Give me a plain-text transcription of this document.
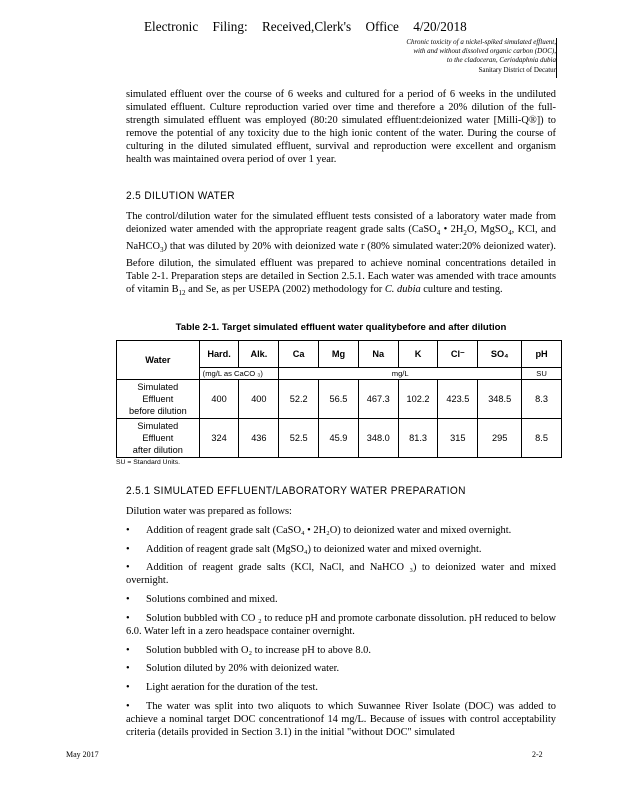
Electronic Filing: Received,Clerk's Office 4/20/2018
Chronic toxicity of a nickel-spiked simulated effluent,
with and without dissolved organic carbon (DOC),
to the cladoceran, Ceriodaphnia dubia
Sanitary District of Decatur
simulated effluent over the course of 6 weeks and cultured for a period of 6 weeks in the undiluted simulated effluent. Culture reproduction varied over time and therefore a 20% dilution of the full-strength simulated effluent was employed (80:20 simulated effluent:deionized water [Milli-Q®]) to remove the potential of any toxicity due to the high ionic content of the water. During the course of culturing in the diluted simulated effluent, survival and reproduction were excellent and organism health was maintained overa period of over 1 year.
2.5 DILUTION WATER
The control/dilution water for the simulated effluent tests consisted of a laboratory water made from deionized water amended with the appropriate reagent grade salts (CaSO$_4$ • $2H_2O$, MgSO$_4$, KCl, and NaHCO$_3$) that was diluted by 20% with deionized wate r (80% simulated water:20% deionized water). Before dilution, the simulated effluent was prepared to achieve nominal concentrations detailed in Table 2-1. Preparation steps are detailed in Section 2.5.1. Each water was amended with trace amounts of vitamin $B_{12}$ and Se, as per USEPA (2002) methodology for C. dubia culture and testing.
Table 2-1. Target simulated effluent water qualitybefore and after dilution
Water	Hard.	Alk.	Ca	Mg	Na	K	Cl⁻	SO₄	pH
	(mg/L as CaCO ₃)		mg/L						SU

Simulated
Effluent
before dilution	400	400	52.2	56.5	467.3	102.2	423.5	348.5	8.3

Simulated
Effluent
after dilution	324	436	52.5	45.9	348.0	81.3	315	295	8.5
SU = Standard Units.
2.5.1 SIMULATED EFFLUENT/LABORATORY WATER PREPARATION
Dilution water was prepared as follows:
• Addition of reagent grade salt (CaSO₄ • 2H₂O) to deionized water and mixed overnight.
• Addition of reagent grade salt (MgSO₄) to deionized water and mixed overnight.
• Addition of reagent grade salts (KCl, NaCl, and NaHCO ₃) to deionized water and mixed overnight.
• Solutions combined and mixed.
• Solution bubbled with CO ₂ to reduce pH and promote carbonate dissolution. pH reduced to below 6.0. Water left in a zero headspace container overnight.
• Solution bubbled with O₂ to increase pH to above 8.0.
• Solution diluted by 20% with deionized water.
• Light aeration for the duration of the test.
• The water was split into two aliquots to which Suwannee River Isolate (DOC) was added to achieve a nominal target DOC concentrationof 14 mg/L. Because of issues with control acceptability criteria (details provided in Section 3.1) in the initial "without DOC" simulated
May 2017	2-2
